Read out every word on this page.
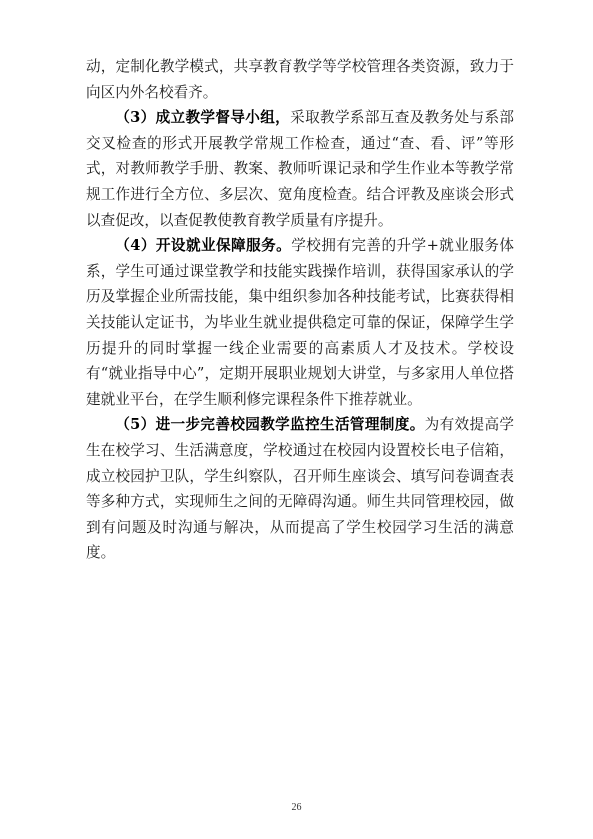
动，定制化教学模式，共享教育教学等学校管理各类资源，致力于向区内外名校看齐。

（3）成立教学督导小组，采取教学系部互查及教务处与系部交叉检查的形式开展教学常规工作检查，通过“查、看、评”等形式，对教师教学手册、教案、教师听课记录和学生作业本等教学常规工作进行全方位、多层次、宽角度检查。结合评教及座谈会形式以查促改，以查促教使教育教学质量有序提升。

（4）开设就业保障服务。学校拥有完善的升学+就业服务体系，学生可通过课堂教学和技能实践操作培训，获得国家承认的学历及掌握企业所需技能，集中组织参加各种技能考试，比赛获得相关技能认定证书，为毕业生就业提供稳定可靠的保证，保障学生学历提升的同时掌握一线企业需要的高素质人才及技术。学校设有“就业指导中心”，定期开展职业规划大讲堂，与多家用人单位搭建就业平台，在学生顺利修完课程条件下推荐就业。

（5）进一步完善校园教学监控生活管理制度。为有效提高学生在校学习、生活满意度，学校通过在校园内设置校长电子信箱，成立校园护卫队，学生纠察队，召开师生座谈会、填写问卷调查表等多种方式，实现师生之间的无障碍沟通。师生共同管理校园，做到有问题及时沟通与解决，从而提高了学生校园学习生活的满意度。

26
